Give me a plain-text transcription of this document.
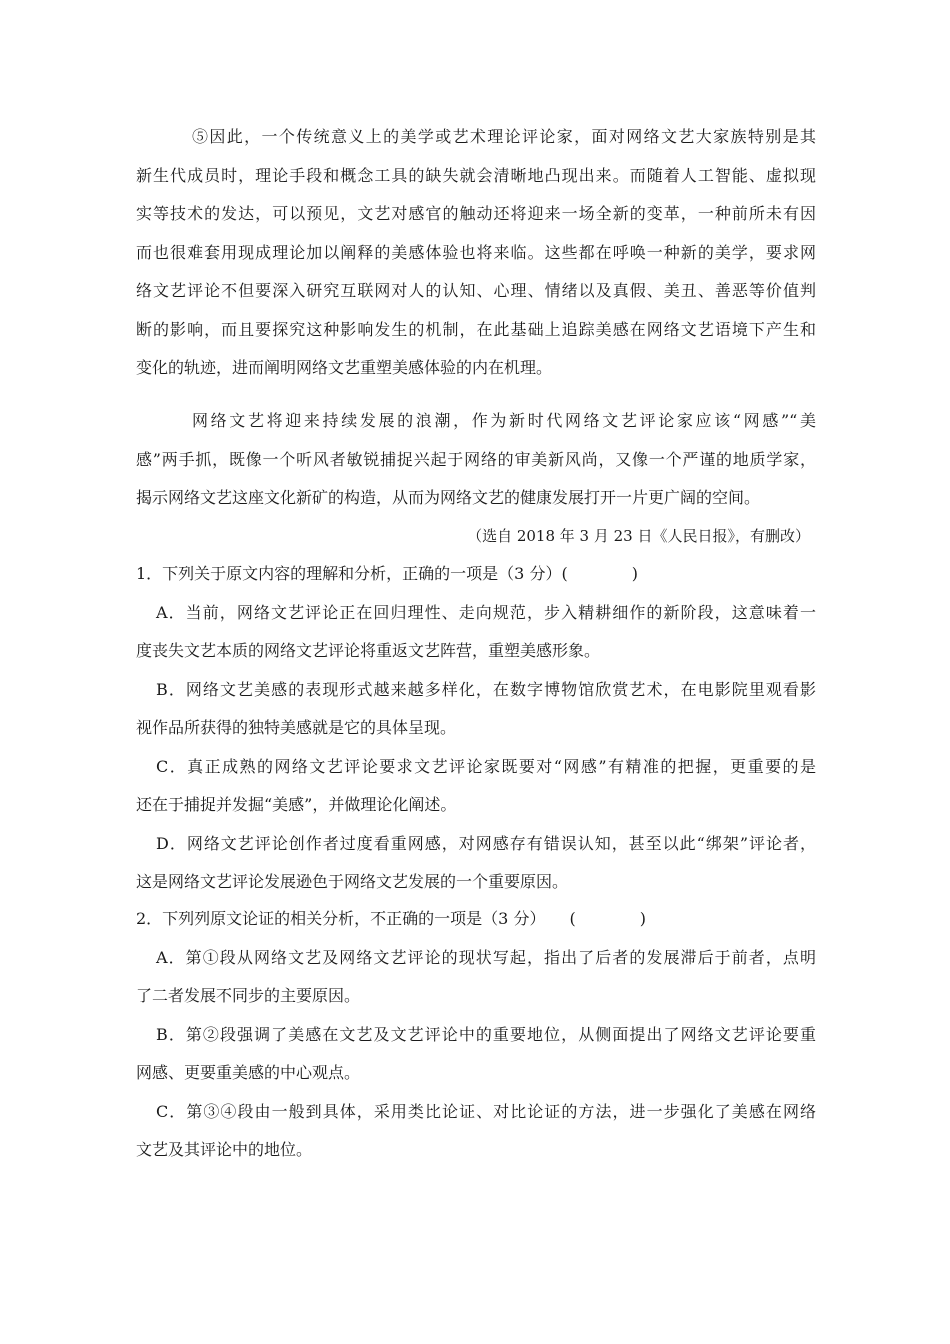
⑤因此，一个传统意义上的美学或艺术理论评论家，面对网络文艺大家族特别是其
新生代成员时，理论手段和概念工具的缺失就会清晰地凸现出来。而随着人工智能、虚拟现
实等技术的发达，可以预见，文艺对感官的触动还将迎来一场全新的变革，一种前所未有因
而也很难套用现成理论加以阐释的美感体验也将来临。这些都在呼唤一种新的美学，要求网
络文艺评论不但要深入研究互联网对人的认知、心理、情绪以及真假、美丑、善恶等价值判
断的影响，而且要探究这种影响发生的机制，在此基础上追踪美感在网络文艺语境下产生和
变化的轨迹，进而阐明网络文艺重塑美感体验的内在机理。
网络文艺将迎来持续发展的浪潮，作为新时代网络文艺评论家应该“网感”“美
感”两手抓，既像一个听风者敏锐捕捉兴起于网络的审美新风尚，又像一个严谨的地质学家，
揭示网络文艺这座文化新矿的构造，从而为网络文艺的健康发展打开一片更广阔的空间。
（选自 2018 年 3 月 23 日《人民日报》，有删改）
1．下列关于原文内容的理解和分析，正确的一项是（3 分）(　　　　)
A．当前，网络文艺评论正在回归理性、走向规范，步入精耕细作的新阶段，这意味着一
度丧失文艺本质的网络文艺评论将重返文艺阵营，重塑美感形象。
B．网络文艺美感的表现形式越来越多样化，在数字博物馆欣赏艺术，在电影院里观看影
视作品所获得的独特美感就是它的具体呈现。
C．真正成熟的网络文艺评论要求文艺评论家既要对“网感”有精准的把握，更重要的是
还在于捕捉并发掘“美感”，并做理论化阐述。
D．网络文艺评论创作者过度看重网感，对网感存有错误认知，甚至以此“绑架”评论者，
这是网络文艺评论发展逊色于网络文艺发展的一个重要原因。
2．下列列原文论证的相关分析，不正确的一项是（3 分）　　(　　　　)
A．第①段从网络文艺及网络文艺评论的现状写起，指出了后者的发展滞后于前者，点明
了二者发展不同步的主要原因。
B．第②段强调了美感在文艺及文艺评论中的重要地位，从侧面提出了网络文艺评论要重
网感、更要重美感的中心观点。
C．第③④段由一般到具体，采用类比论证、对比论证的方法，进一步强化了美感在网络
文艺及其评论中的地位。
